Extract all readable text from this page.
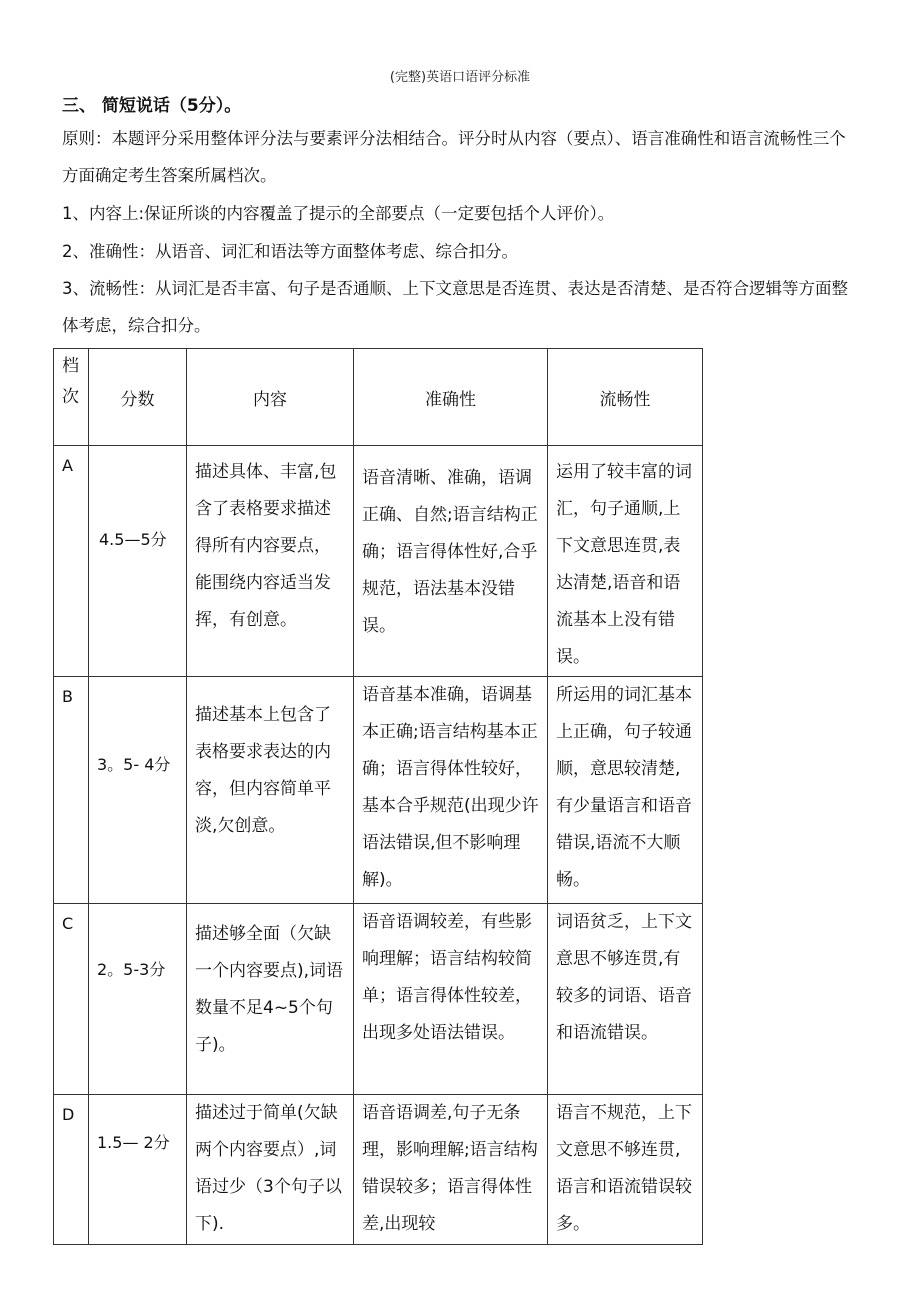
(完整)英语口语评分标准
三、 简短说话（5分）。
原则：本题评分采用整体评分法与要素评分法相结合。评分时从内容（要点）、语言准确性和语言流畅性三个方面确定考生答案所属档次。
1、内容上:保证所谈的内容覆盖了提示的全部要点（一定要包括个人评价）。
2、准确性：从语音、词汇和语法等方面整体考虑、综合扣分。
3、流畅性：从词汇是否丰富、句子是否通顺、上下文意思是否连贯、表达是否清楚、是否符合逻辑等方面整体考虑，综合扣分。
档次	分数	内容	准确性	流畅性

A	4.5—5分	描述具体、丰富,包含了表格要求描述得所有内容要点，能围绕内容适当发挥，有创意。	语音清晰、准确，语调正确、自然;语言结构正确；语言得体性好,合乎规范，语法基本没错误。	运用了较丰富的词汇，句子通顺,上下文意思连贯,表达清楚,语音和语流基本上没有错误。

B	3。5- 4分	描述基本上包含了表格要求表达的内容，但内容简单平淡,欠创意。	语音基本准确，语调基本正确;语言结构基本正确；语言得体性较好，基本合乎规范(出现少许语法错误,但不影响理解)。	所运用的词汇基本上正确，句子较通顺，意思较清楚,有少量语言和语音错误,语流不大顺畅。

C	2。5-3分	描述够全面（欠缺一个内容要点),词语数量不足4~5个句子)。	语音语调较差，有些影响理解；语言结构较简单；语言得体性较差，出现多处语法错误。	词语贫乏，上下文意思不够连贯,有较多的词语、语音和语流错误。

D	1.5— 2分	描述过于简单(欠缺两个内容要点）,词语过少（3个句子以下).	语音语调差,句子无条理，影响理解;语言结构错误较多；语言得体性差,出现较	语言不规范，上下文意思不够连贯,语言和语流错误较多。
